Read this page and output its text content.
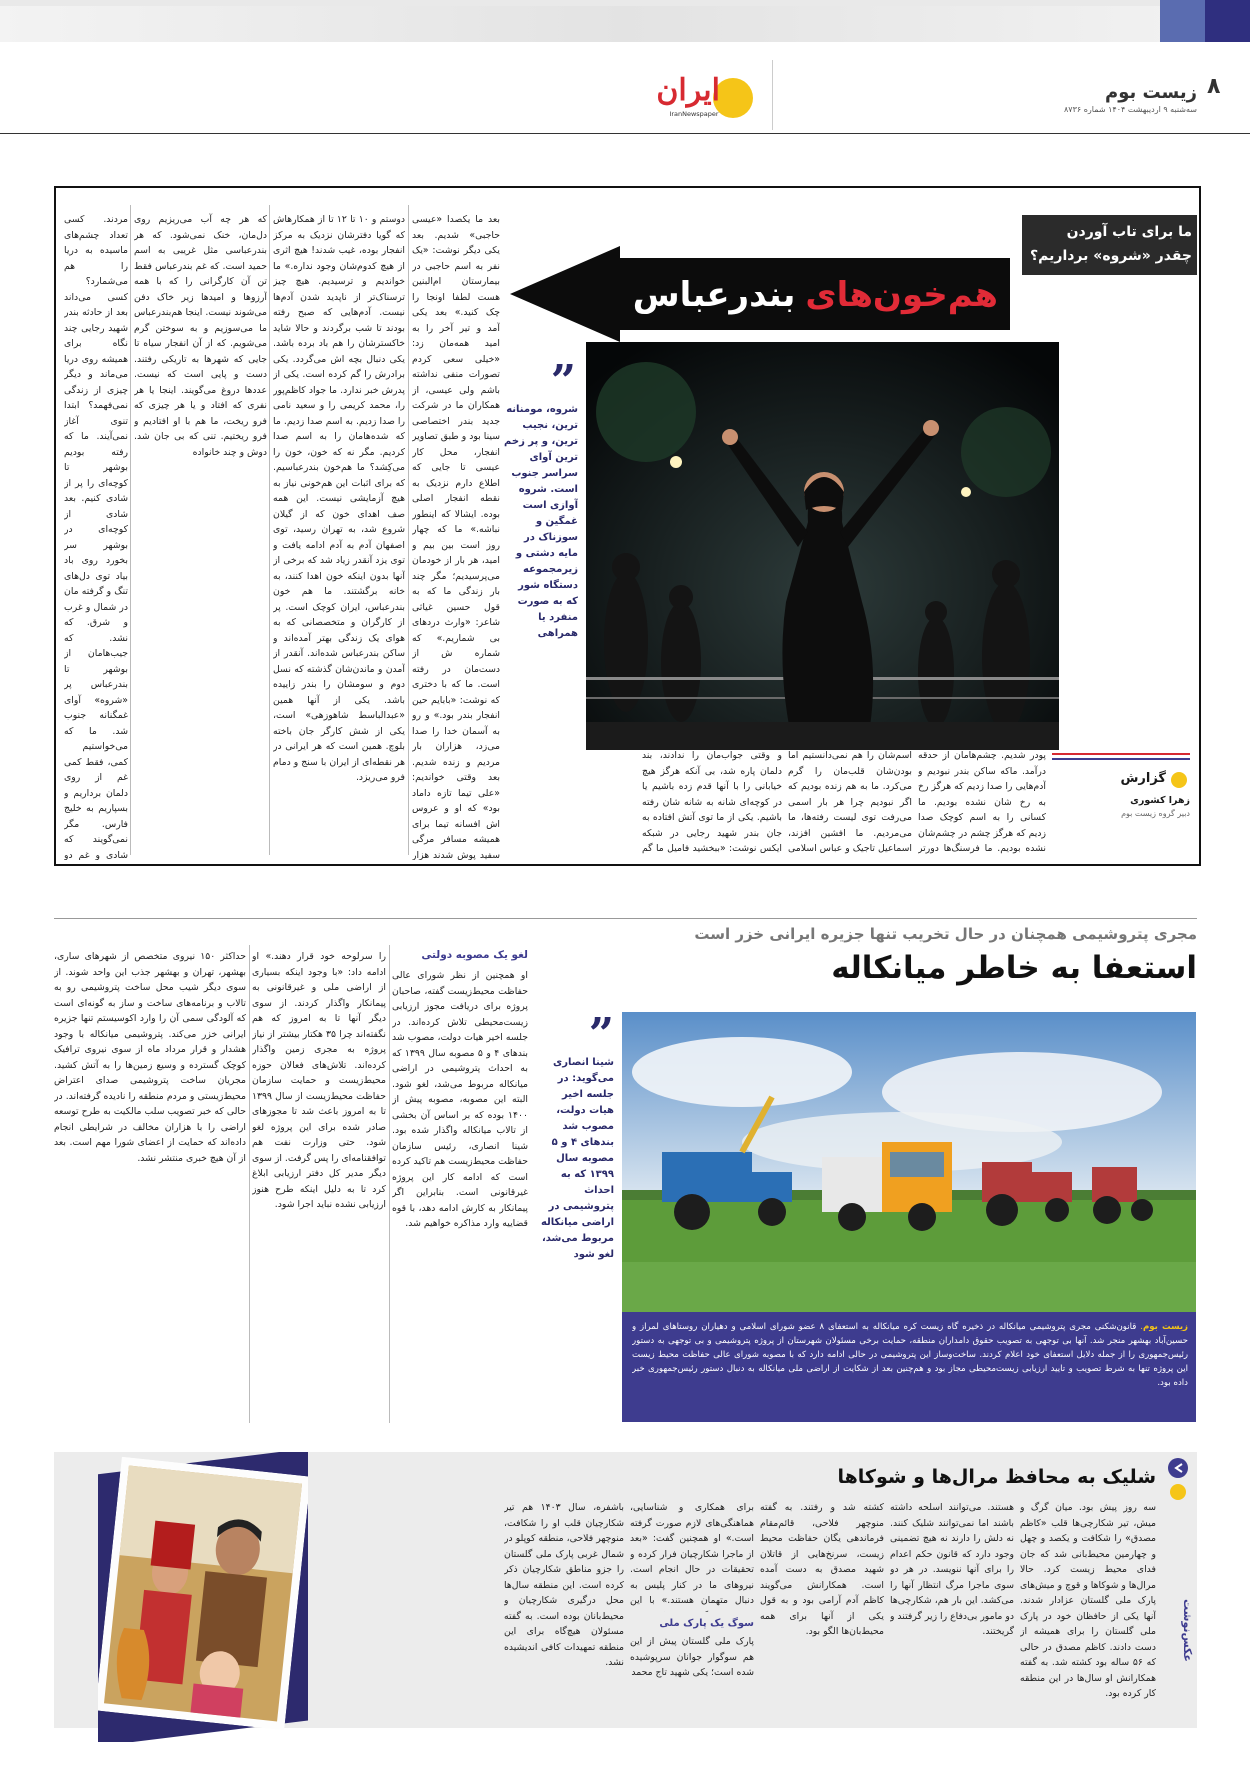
۸
زیست بوم
سه‌شنبه ۹ اردیبهشت ۱۴۰۴ شماره ۸۷۳۶
ایران
IranNewspaper
ما برای تاب آوردن چقدر «شروه» برداریم؟
هم‌خون‌های
بندرعباس
”
شروه، مومنانه ترین، نجیب ترین، و پر زخم ترین آوای سراسر جنوب است. شروه آوازی است غمگین و سوزناک در مایه دشتی و زیرمجموعه دستگاه شور که به صورت منفرد یا همراهی
گزارش
زهرا کشوری
دبیر گروه زیست بوم
پودر شدیم. چشم‌هامان از حدقه درآمد. ماکه ساکن بندر نبودیم و آدم‌هایی را صدا زدیم که هرگز رخ به رخ شان نشده بودیم. ما کسانی را به اسم کوچک صدا زدیم که هرگز چشم در چشم‌شان نشده بودیم. ما فرسنگ‌ها دورتر
اسم‌شان را هم نمی‌دانستیم اما بودن‌شان قلب‌مان را گرم می‌کرد. ما به هم زنده بودیم که اگر نبودیم چرا هر بار اسمی می‌رفت توی لیست رفته‌ها، ما می‌مردیم. ما افشین افزند، اسماعیل تاجیک و عباس اسلامی
و وقتی جواب‌مان را ندادند، بند دلمان پاره شد، بی آنکه هرگز هیچ خیابانی را با آنها قدم زده باشیم یا در کوچه‌ای شانه به شانه شان رفته باشیم. یکی از ما توی آتش افتاده به جان بندر شهید رجایی در شبکه ایکس نوشت: «ببخشید فامیل ما گم
بعد ما یکصدا «عیسی حاجبی» شدیم. بعد یکی دیگر نوشت: «یک نفر به اسم حاجبی در بیمارستان ام‌البنین هست لطفا اونجا را چک کنید.» بعد یکی آمد و تیر آخر را به امید همه‌مان زد: «خیلی سعی کردم تصورات منفی نداشته باشم ولی عیسی، از همکاران ما در شرکت جدید بندر اختصاصی سینا بود و طبق تصاویر انفجار، محل کار عیسی تا جایی که اطلاع دارم نزدیک به نقطه انفجار اصلی بوده. ایشالا که اینطور نباشه.» ما که چهار روز است بین بیم و امید، هر بار از خودمان می‌پرسیدیم؛ مگر چند بار زندگی ما که به قول حسین غیاثی شاعر: «وارث دردهای بی شماریم.» که شماره ش از دست‌مان در رفته است. ما که با دختری که نوشت: «بابایم حین انفجار بندر بود.» و رو به آسمان خدا را صدا می‌زد، هزاران بار مردیم و زنده شدیم. بعد وقتی خواندیم: «علی تیما تازه داماد بود» که او و عروس اش افسانه تیما برای همیشه مسافر مرگی سفید پوش شدند هزار
دوستم و ۱۰ تا ۱۲ تا از همکارهاش که گویا دفترشان نزدیک به مرکز انفجار بوده، غیب شدند! هیچ اثری از هیچ کدوم‌شان وجود نداره.» ما خواندیم و ترسیدیم. هیچ چیز ترسناک‌تر از ناپدید شدن آدم‌ها نیست. آدم‌هایی که صبح رفته بودند تا شب برگردند و حالا شاید خاکسترشان را هم باد برده باشد. یکی دنبال بچه اش می‌گردد. یکی برادرش را گم کرده است. یکی از پدرش خبر ندارد. ما جواد کاظم‌پور را، محمد کریمی را و سعید نامی را صدا زدیم. به اسم صدا زدیم. ما که شده‌هامان را به اسم صدا کردیم. مگر نه که خون، خون را می‌کِشد؟ ما هم‌خون بندرعباسیم. که برای اثبات این هم‌خونی نیاز به هیچ آزمایشی نیست. این همه صف اهدای خون که از گیلان شروع شد، به تهران رسید، توی اصفهان آدم به آدم ادامه یافت و توی یزد آنقدر زیاد شد که برخی از آنها بدون اینکه خون اهدا کنند، به خانه برگشتند. ما هم خون بندرعباس، ایران کوچک است. پر از کارگران و متخصصانی که به هوای یک زندگی بهتر آمده‌اند و ساکن بندرعباس شده‌اند. آنقدر از آمدن و ماندن‌شان گذشته که نسل دوم و سومشان را بندر زاییده باشد. یکی از آنها همین «عبدالباسط شاهوزهی» است، یکی از شش کارگر جان باخته بلوچ. همین است که هر ایرانی در هر نقطه‌ای از ایران با سنج و دمام فرو می‌ریزد.
که هر چه آب می‌ریزیم روی دل‌مان، خنک نمی‌شود. که هر بندرعباسی مثل غریبی به اسم حمید است. که غم بندرعباس فقط تن آن کارگرانی را که با همه آرزوها و امیدها زیر خاک دفن می‌شوند نیست. اینجا هم‌بندرعباس ما می‌سوزیم و به سوختن گرم می‌شویم. که از آن انفجار سیاه تا جایی که شهرها به تاریکی رفتند. دست و پایی است که نیست. عددها دروغ می‌گویند. اینجا یا هر نفری که افتاد و یا هر چیزی که فرو ریخت، ما هم با او افتادیم و فرو ریختیم. تنی که بی جان شد. دوش و چند خانواده
مردند. کسی تعداد چشم‌های ماسیده به دریا را هم می‌شمارد؟ کسی می‌داند بعد از حادثه بندر شهید رجایی چند نگاه برای همیشه روی دریا می‌ماند و دیگر چیزی از زندگی نمی‌فهمد؟ ابتدا تنوی آغاز نمی‌آیند. ما که رفته بودیم بوشهر تا کوچه‌ای را پر از شادی کنیم. بعد شادی از کوچه‌ای در بوشهر سر بخورد روی باد بیاد توی دل‌های تنگ و گرفته مان در شمال و غرب و شرق. که نشد. که جیب‌هامان از بوشهر تا بندرعباس پر «شروه» آوای غمگنانه جنوب شد. ما که می‌خواستیم کمی، فقط کمی غم از روی دلمان برداریم و بسپاریم به خلیج فارس. مگر نمی‌گویند که شادی و غم دو
مجری پتروشیمی همچنان در حال تخریب تنها جزیره ایرانی خزر است
استعفا به خاطر میانکاله
زیست بوم. قانون‌شکنی مجری پتروشیمی میانکاله در ذخیره گاه زیست کره میانکاله به استعفای ۸ عضو شورای اسلامی و دهیاران روستاهای لمراز و حسین‌آباد بهشهر منجر شد. آنها بی توجهی به تصویب حقوق دامداران منطقه، حمایت برخی مسئولان شهرستان از پروژه پتروشیمی و بی توجهی به دستور رئیس‌جمهوری را از جمله دلایل استعفای خود اعلام کردند. ساخت‌وساز این پتروشیمی در حالی ادامه دارد که با مصوبه شورای عالی حفاظت محیط زیست این پروژه تنها به شرط تصویب و تایید ارزیابی زیست‌محیطی مجاز بود و هم‌چنین بعد از شکایت از اراضی ملی میانکاله به دنبال دستور رئیس‌جمهوری خبر داده بود.
”
شینا انصاری می‌گوید: در جلسه اخیر هیات دولت، مصوب شد بندهای ۴ و ۵ مصوبه سال ۱۳۹۹ که به احداث پتروشیمی در اراضی میانکاله مربوط می‌شد، لغو شود
لغو یک مصوبه دولتی
او همچنین از نظر شورای عالی حفاظت محیط‌زیست گفته، صاحبان پروژه برای دریافت مجوز ارزیابی زیست‌محیطی تلاش کرده‌اند. در جلسه اخیر هیات دولت، مصوب شد بندهای ۴ و ۵ مصوبه سال ۱۳۹۹ که به احداث پتروشیمی در اراضی میانکاله مربوط می‌شد، لغو شود. البته این مصوبه، مصوبه پیش از ۱۴۰۰ بوده که بر اساس آن بخشی از تالاب میانکاله واگذار شده بود. شینا انصاری، رئیس سازمان حفاظت محیط‌زیست هم تاکید کرده است که ادامه کار این پروژه غیرقانونی است. بنابراین اگر پیمانکار به کارش ادامه دهد، با قوه قضاییه وارد مذاکره خواهیم شد.
را سرلوحه خود قرار دهند.» او ادامه داد: «با وجود اینکه بسیاری از اراضی ملی و غیرقانونی به پیمانکار واگذار کردند. از سوی دیگر آنها تا به امروز که هم نگفته‌اند چرا ۳۵ هکتار بیشتر از نیاز پروژه به مجری زمین واگذار کرده‌اند. تلاش‌های فعالان حوزه محیط‌زیست و حمایت سازمان حفاظت محیط‌زیست از سال ۱۳۹۹ تا به امروز باعث شد تا مجوزهای صادر شده برای این پروژه لغو شود. حتی وزارت نفت هم توافقنامه‌ای را پس گرفت. از سوی دیگر مدیر کل دفتر ارزیابی ابلاغ کرد تا به دلیل اینکه طرح هنوز ارزیابی نشده نباید اجرا شود.
حداکثر ۱۵۰ نیروی متخصص از شهرهای ساری، بهشهر، تهران و بهشهر جذب این واحد شوند. از سوی دیگر شیب محل ساخت پتروشیمی رو به تالاب و برنامه‌های ساخت و ساز به گونه‌ای است که آلودگی سمی آن را وارد اکوسیستم تنها جزیره ایرانی خزر می‌کند. پتروشیمی میانکاله با وجود هشدار و قرار مرداد ماه از سوی نیروی ترافیک کوچک گسترده و وسیع زمین‌ها را به آتش کشید. مجریان ساخت پتروشیمی صدای اعتراض محیط‌زیستی و مردم منطقه را نادیده گرفته‌اند. در حالی که خبر تصویب سلب مالکیت به طرح توسعه اراضی را با هزاران مخالف در شرایطی انجام داده‌اند که حمایت از اعضای شورا مهم است. بعد از آن هیچ خبری منتشر نشد.
عکس‌نوشت
شلیک به محافظ مرال‌ها و شوکاها
سه روز پیش بود. میان گرگ و میش، تیر شکارچی‌ها قلب «کاظم مصدق» را شکافت و یکصد و چهل و چهارمین محیط‌بانی شد که جان فدای محیط زیست کرد. حالا مرال‌ها و شوکاها و قوچ و میش‌های پارک ملی گلستان عزادار شدند. آنها یکی از حافظان خود در پارک ملی گلستان را برای همیشه از دست دادند. کاظم مصدق در حالی که ۵۶ ساله بود کشته شد. به گفته همکارانش او سال‌ها در این منطقه کار کرده بود.
هستند. می‌توانند اسلحه داشته باشند اما نمی‌توانند شلیک کنند. نه دلش را دارند نه هیچ تضمینی وجود دارد که قانون حکم اعدام را برای آنها ننویسد. در هر دو سوی ماجرا مرگ انتظار آنها را می‌کشد. این بار هم، شکارچی‌ها دو مامور بی‌دفاع را زیر گرفتند و گریختند.
کشته شد و رفتند. به گفته منوچهر فلاحی، قائم‌مقام فرماندهی یگان حفاظت محیط زیست، سرنخ‌هایی از قاتلان شهید مصدق به دست آمده است. همکارانش می‌گویند کاظم آدم آرامی بود و به قول یکی از آنها برای همه محیط‌بان‌ها الگو بود.
برای همکاری و شناسایی، هماهنگی‌های لازم صورت گرفته است.» او همچنین گفت: «بعد از ماجرا شکارچیان فرار کرده و تحقیقات در حال انجام است. نیروهای ما در کنار پلیس به دنبال متهمان هستند.» با این
سوگ یک پارک ملی
پارک ملی گلستان پیش از این هم سوگوار جوانان سرپوشیده شده است؛ یکی شهید تاج محمد
باشفره، سال ۱۴۰۳ هم تیر شکارچیان قلب او را شکافت، منوچهر فلاحی، منطقه کوپلو در شمال غربی پارک ملی گلستان را جزو مناطق شکارچیان ذکر کرده است. این منطقه سال‌ها محل درگیری شکارچیان و محیط‌بانان بوده است. به گفته مسئولان هیچ‌گاه برای این منطقه تمهیدات کافی اندیشیده نشد.
